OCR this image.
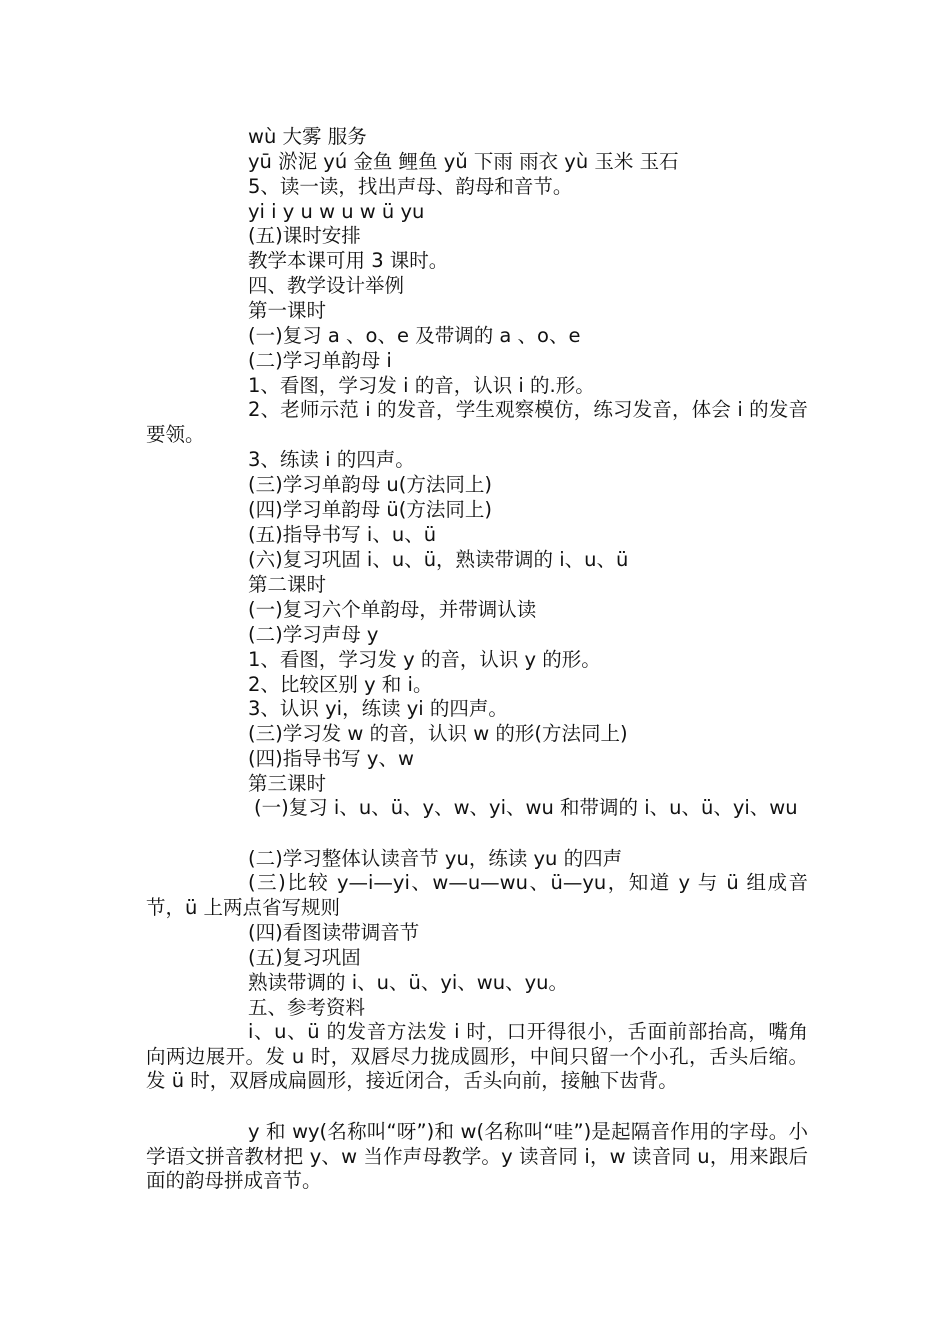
wù 大雾 服务
yū 淤泥 yú 金鱼 鲤鱼 yǔ 下雨 雨衣 yù 玉米 玉石
5、读一读，找出声母、韵母和音节。
yi i y u w u w ü yu
(五)课时安排
教学本课可用 3 课时。
四、教学设计举例
第一课时
(一)复习 a 、o、e 及带调的 a 、o、e
(二)学习单韵母 i
1、看图，学习发 i 的音，认识 i 的.形。
2、老师示范 i 的发音，学生观察模仿，练习发音，体会 i 的发音要领。
3、练读 i 的四声。
(三)学习单韵母 u(方法同上)
(四)学习单韵母 ü(方法同上)
(五)指导书写 i、u、ü
(六)复习巩固 i、u、ü，熟读带调的 i、u、ü
第二课时
(一)复习六个单韵母，并带调认读
(二)学习声母 y
1、看图，学习发 y 的音，认识 y 的形。
2、比较区别 y 和 i。
3、认识 yi，练读 yi 的四声。
(三)学习发 w 的音，认识 w 的形(方法同上)
(四)指导书写 y、w
第三课时
(一)复习 i、u、ü、y、w、yi、wu 和带调的 i、u、ü、yi、wu
(二)学习整体认读音节 yu，练读 yu 的四声
(三)比较 y—i—yi、w—u—wu、ü—yu，知道 y 与 ü 组成音节，ü 上两点省写规则
(四)看图读带调音节
(五)复习巩固
熟读带调的 i、u、ü、yi、wu、yu。
五、参考资料
i、u、ü 的发音方法发 i 时，口开得很小，舌面前部抬高，嘴角向两边展开。发 u 时，双唇尽力拢成圆形，中间只留一个小孔，舌头后缩。发 ü 时，双唇成扁圆形，接近闭合，舌头向前，接触下齿背。
y 和 wy(名称叫“呀”)和 w(名称叫“哇”)是起隔音作用的字母。小学语文拼音教材把 y、w 当作声母教学。y 读音同 i，w 读音同 u，用来跟后面的韵母拼成音节。
